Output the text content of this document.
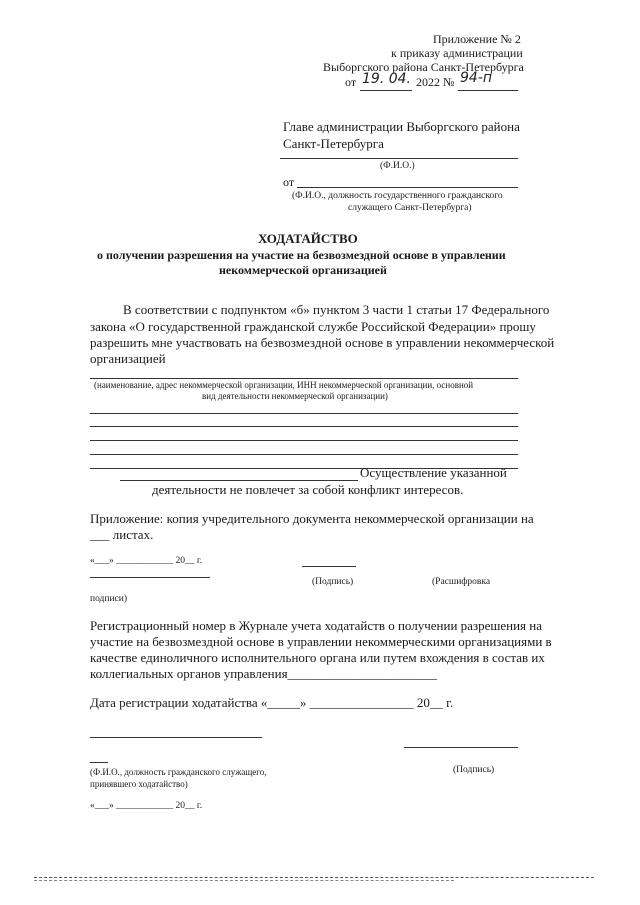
Приложение № 2
к приказу администрации
Выборгского района Санкт-Петербурга
от 19. 04. 2022 № 94-п
Главе администрации Выборгского района
Санкт-Петербурга
(Ф.И.О.)
от
(Ф.И.О., должность государственного гражданского
служащего Санкт-Петербурга)
ХОДАТАЙСТВО
о получении разрешения на участие на безвозмездной основе в управлении
некоммерческой организацией
В соответствии с подпунктом «б» пунктом 3 части 1 статьи 17 Федерального
закона «О государственной гражданской службе Российской Федерации» прошу
разрешить мне участвовать на безвозмездной основе в управлении некоммерческой
организацией
(наименование, адрес некоммерческой организации, ИНН некоммерческой организации, основной
вид деятельности некоммерческой организации)
Осуществление указанной
деятельности не повлечет за собой конфликт интересов.
Приложение: копия учредительного документа некоммерческой организации на
___ листах.
«___» ____________ 20__ г.
(Подпись)	(Расшифровка
подписи)
Регистрационный номер в Журнале учета ходатайств о получении разрешения на
участие на безвозмездной основе в управлении некоммерческими организациями в
качестве единоличного исполнительного органа или путем вхождения в состав их
коллегиальных органов управления_______________________
Дата регистрации ходатайства «_____» ________________ 20__ г.
(Ф.И.О., должность гражданского служащего,
принявшего ходатайство)
(Подпись)
«___» ____________ 20__ г.
